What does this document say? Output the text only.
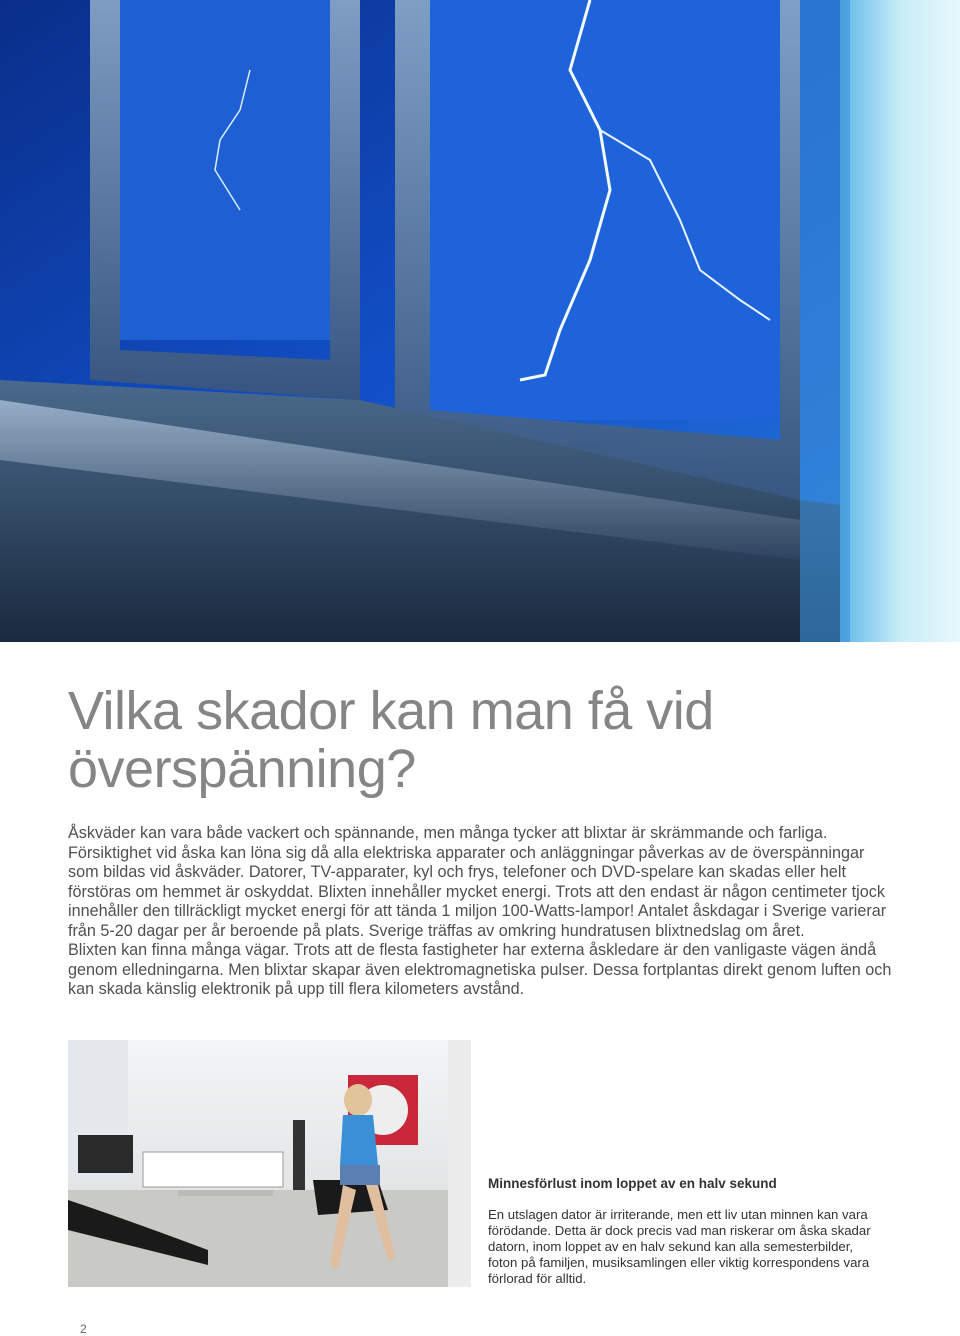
Vilka skador kan man få vid överspänning?

Åskväder kan vara både vackert och spännande, men många tycker att blixtar är skrämmande och farliga. Försiktighet vid åska kan löna sig då alla elektriska apparater och anläggningar påverkas av de överspänningar som bildas vid åskväder. Datorer, TV-apparater, kyl och frys, telefoner och DVD-spelare kan skadas eller helt förstöras om hemmet är oskyddat. Blixten innehåller mycket energi. Trots att den endast är någon centimeter tjock innehåller den tillräckligt mycket energi för att tända 1 miljon 100-Watts-lampor! Antalet åskdagar i Sverige varierar från 5-20 dagar per år beroende på plats. Sverige träffas av omkring hundratusen blixtnedslag om året.

Blixten kan finna många vägar. Trots att de flesta fastigheter har externa åskledare är den vanligaste vägen ändå genom elledningarna. Men blixtar skapar även elektromagnetiska pulser. Dessa fortplantas direkt genom luften och kan skada känslig elektronik på upp till flera kilometers avstånd.

Minnesförlust inom loppet av en halv sekund

En utslagen dator är irriterande, men ett liv utan minnen kan vara förödande. Detta är dock precis vad man riskerar om åska skadar datorn, inom loppet av en halv sekund kan alla semesterbilder, foton på familjen, musiksamlingen eller viktig korrespondens vara förlorad för alltid.

2
